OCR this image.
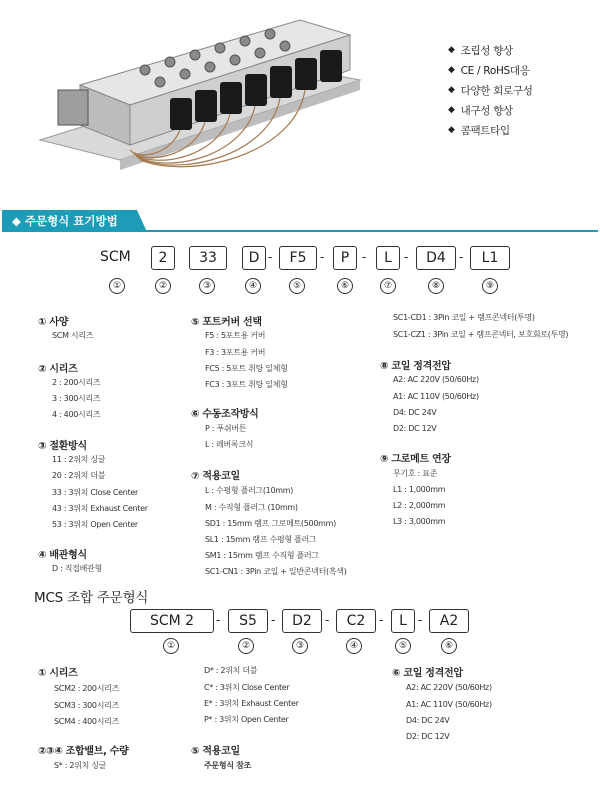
◆ 조립성 향상
◆ CE / RoHS대응
◆ 다양한 회로구성
◆ 내구성 향상
◆ 콤팩트타입
◆ 주문형식 표기방법
SCM	2	33	D -	F5	-	P	-	L	-	D4	-	L1
①	②	③	④	⑤	⑥	⑦	⑧	⑨
① 사양
SCM 시리즈
② 시리즈
2 : 200시리즈
3 : 300시리즈
4 : 400시리즈
③ 절환방식
11 : 2위치 싱글
20 : 2위치 더블
33 : 3위치 Close Center
43 : 3위치 Exhaust Center
53 : 3위치 Open Center
④ 배관형식
D : 직접배관형
⑤ 포트커버 선택
F5 : 5포트용 커버
F3 : 3포트용 커버
FC5 : 5포트 취탕 일체형
FC3 : 3포트 취탕 일체형
⑥ 수동조작방식
P : 푸쉬버튼
L : 레버록크식
⑦ 적용코일
L : 수평형 플러그(10mm)
M : 수직형 플러그 (10mm)
SD1 : 15mm 램프 그로메트(500mm)
SL1 : 15mm 램프 수평형 플러그
SM1 : 15mm 램프 수직형 플러그
SC1-CN1 : 3Pin 코일 + 일반콘넥터(흑색)
SC1-CD1 : 3Pin 코일 + 램프콘넥터(투명)
SC1-CZ1 : 3Pin 코일 + 램프콘넥터, 보호회로(투명)
⑧ 코일 정격전압
A2: AC 220V (50/60Hz)
A1: AC 110V (50/60Hz)
D4: DC 24V
D2: DC 12V
⑨ 그로메트 연장
무기호 : 표준
L1 : 1,000mm
L2 : 2,000mm
L3 : 3,000mm
MCS 조합 주문형식
SCM 2	-	S5	-	D2	-	C2	-	L -	A2
①	②	③	④	⑤	⑥
① 시리즈
SCM2 : 200시리즈
SCM3 : 300시리즈
SCM4 : 400시리즈
②③④ 조합밸브, 수량
S* : 2위치 싱글
D* : 2위치 더블
C* : 3위치 Close Center
E* : 3위치 Exhaust Center
P* : 3위치 Open Center
⑤ 적용코일
주문형식 참조
⑥ 코일 정격전압
A2: AC 220V (50/60Hz)
A1: AC 110V (50/60Hz)
D4: DC 24V
D2: DC 12V
